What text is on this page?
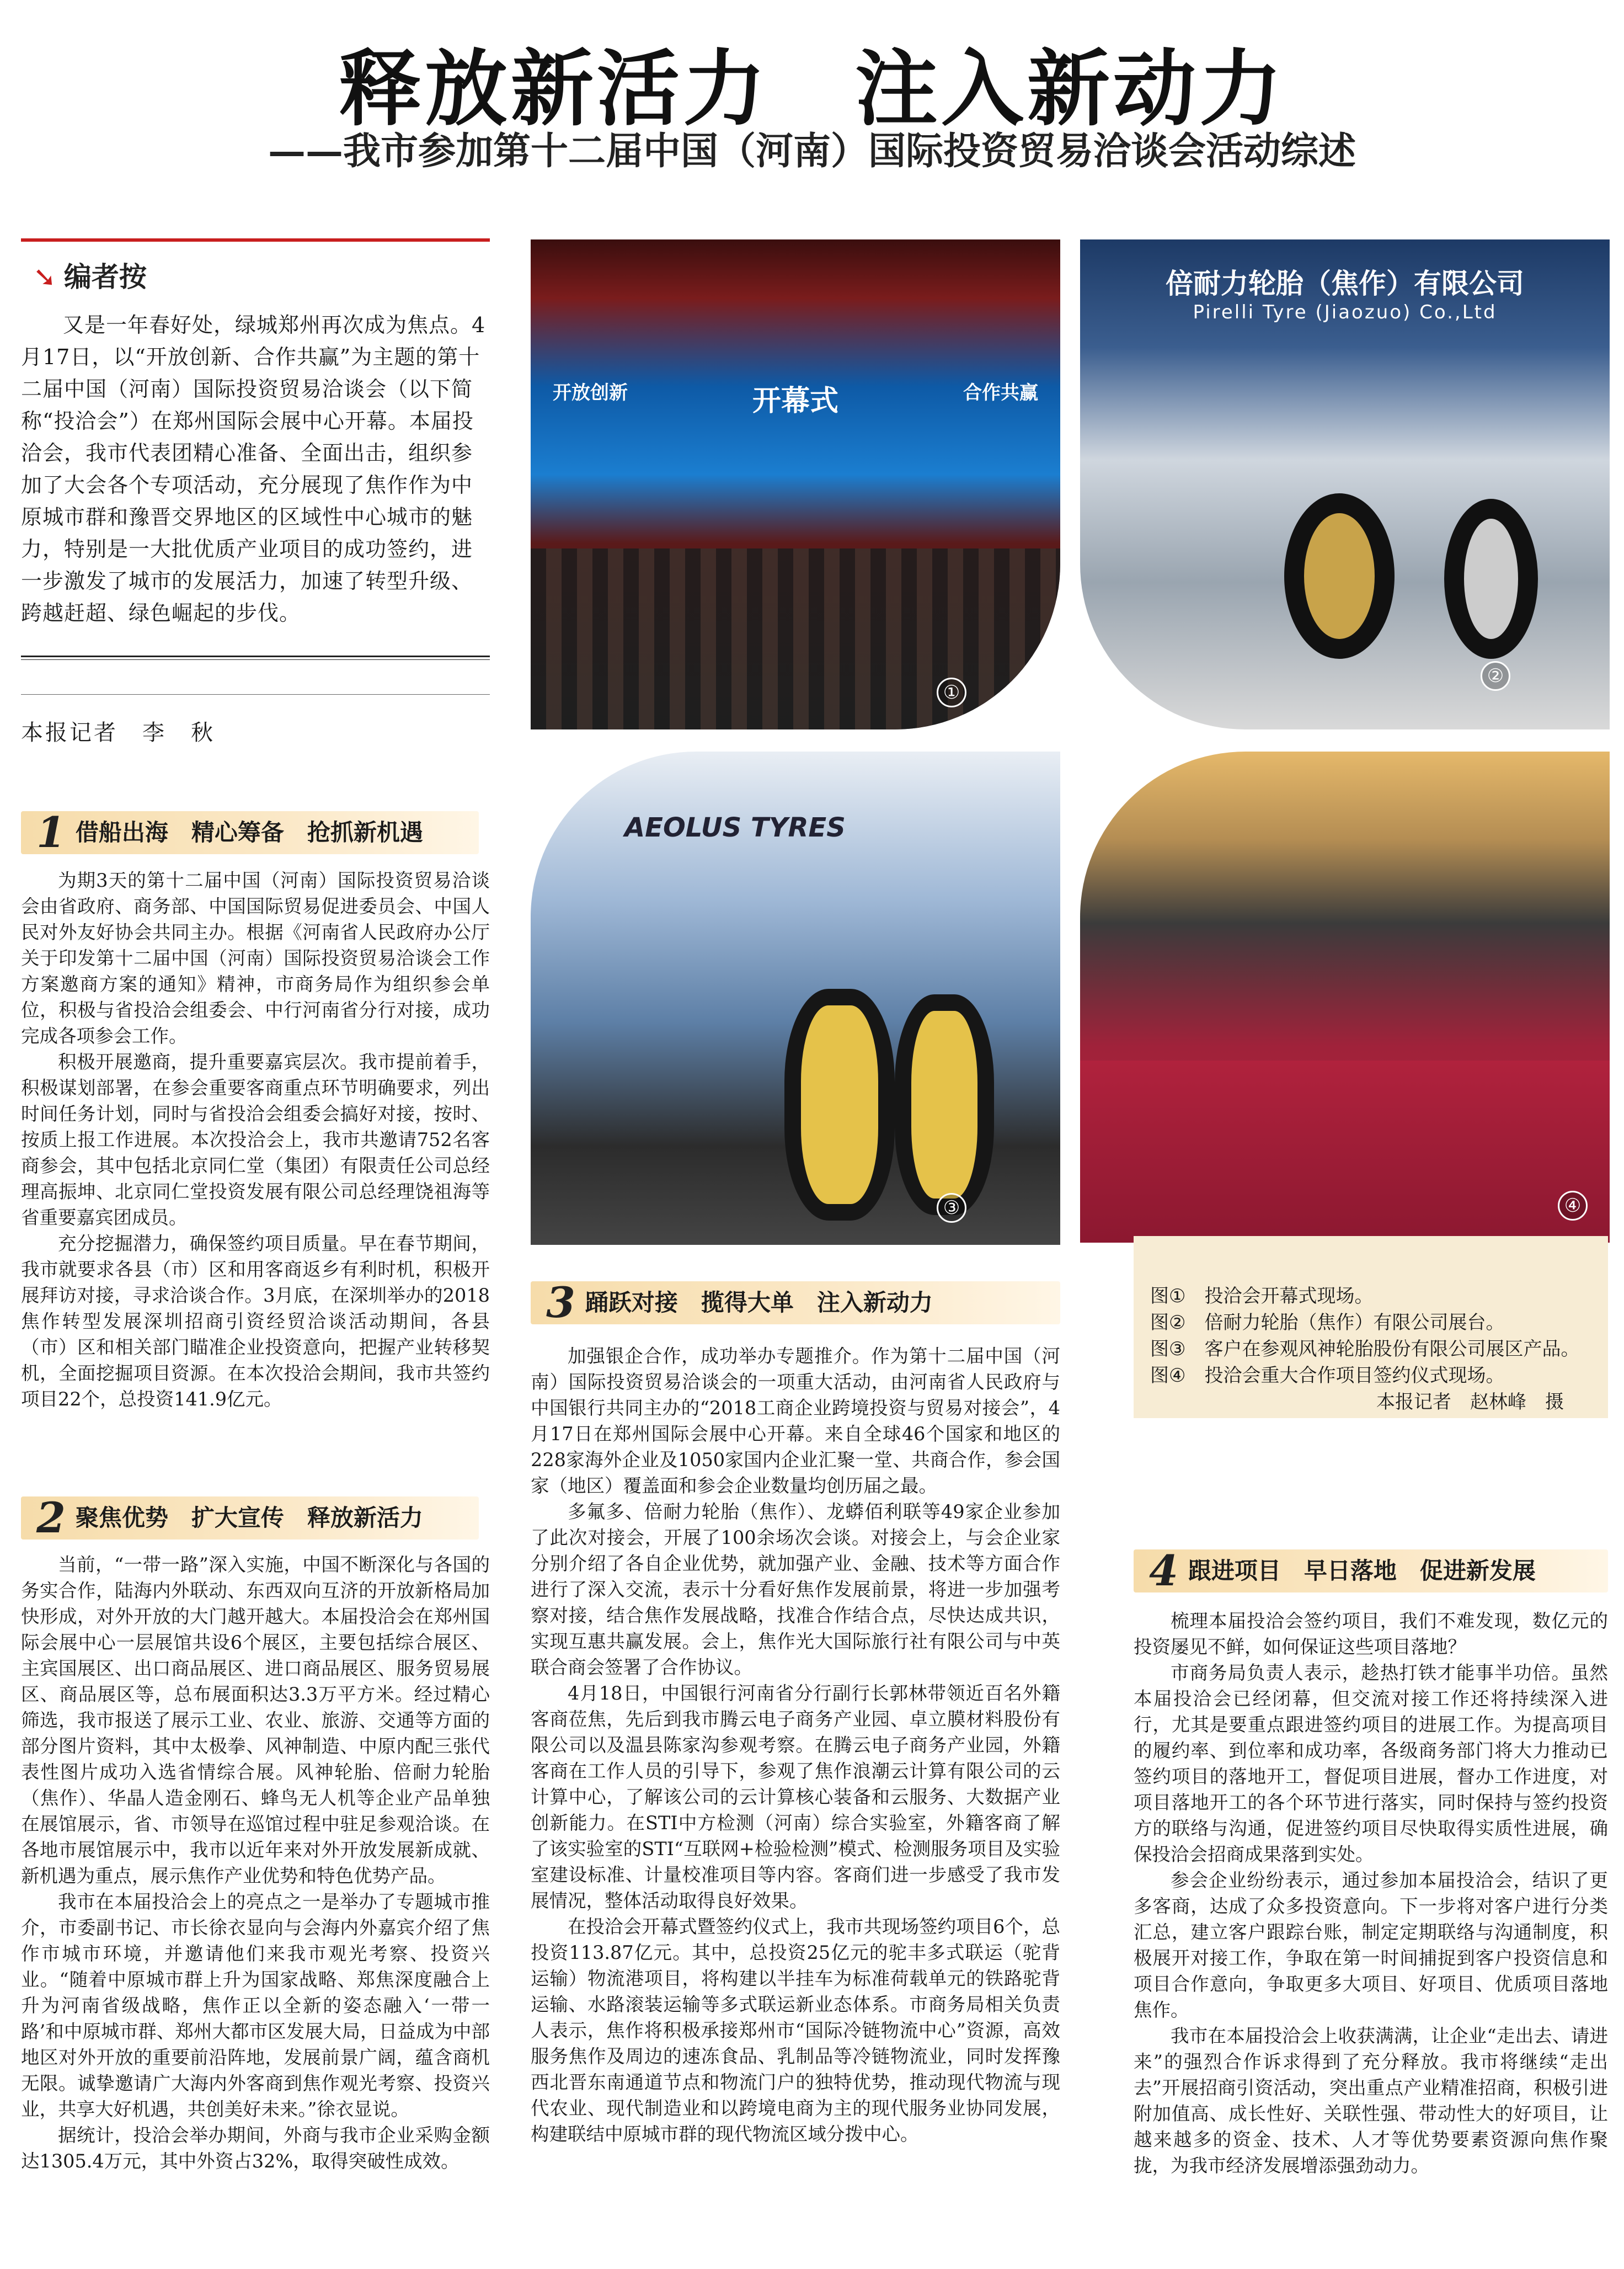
释放新活力　注入新动力
——我市参加第十二届中国（河南）国际投资贸易洽谈会活动综述
➘ 编者按

又是一年春好处，绿城郑州再次成为焦点。4月17日，以“开放创新、合作共赢”为主题的第十二届中国（河南）国际投资贸易洽谈会（以下简称“投洽会”）在郑州国际会展中心开幕。本届投洽会，我市代表团精心准备、全面出击，组织参加了大会各个专项活动，充分展现了焦作作为中原城市群和豫晋交界地区的区域性中心城市的魅力，特别是一大批优质产业项目的成功签约，进一步激发了城市的发展活力，加速了转型升级、跨越赶超、绿色崛起的步伐。

本报记者　李　秋
1 借船出海　精心筹备　抢抓新机遇

为期3天的第十二届中国（河南）国际投资贸易洽谈会由省政府、商务部、中国国际贸易促进委员会、中国人民对外友好协会共同主办。根据《河南省人民政府办公厅关于印发第十二届中国（河南）国际投资贸易洽谈会工作方案邀商方案的通知》精神，市商务局作为组织参会单位，积极与省投洽会组委会、中行河南省分行对接，成功完成各项参会工作。

积极开展邀商，提升重要嘉宾层次。我市提前着手，积极谋划部署，在参会重要客商重点环节明确要求，列出时间任务计划，同时与省投洽会组委会搞好对接，按时、按质上报工作进展。本次投洽会上，我市共邀请752名客商参会，其中包括北京同仁堂（集团）有限责任公司总经理高振坤、北京同仁堂投资发展有限公司总经理饶祖海等省重要嘉宾团成员。

充分挖掘潜力，确保签约项目质量。早在春节期间，我市就要求各县（市）区和用客商返乡有利时机，积极开展拜访对接，寻求洽谈合作。3月底，在深圳举办的2018焦作转型发展深圳招商引资经贸洽谈活动期间，各县（市）区和相关部门瞄准企业投资意向，把握产业转移契机，全面挖掘项目资源。在本次投洽会期间，我市共签约项目22个，总投资141.9亿元。

2 聚焦优势　扩大宣传　释放新活力

当前，“一带一路”深入实施，中国不断深化与各国的务实合作，陆海内外联动、东西双向互济的开放新格局加快形成，对外开放的大门越开越大。本届投洽会在郑州国际会展中心一层展馆共设6个展区，主要包括综合展区、主宾国展区、出口商品展区、进口商品展区、服务贸易展区、商品展区等，总布展面积达3.3万平方米。经过精心筛选，我市报送了展示工业、农业、旅游、交通等方面的部分图片资料，其中太极拳、风神制造、中原内配三张代表性图片成功入选省情综合展。风神轮胎、倍耐力轮胎（焦作）、华晶人造金刚石、蜂鸟无人机等企业产品单独在展馆展示，省、市领导在巡馆过程中驻足参观洽谈。在各地市展馆展示中，我市以近年来对外开放发展新成就、新机遇为重点，展示焦作产业优势和特色优势产品。

我市在本届投洽会上的亮点之一是举办了专题城市推介，市委副书记、市长徐衣显向与会海内外嘉宾介绍了焦作市城市环境，并邀请他们来我市观光考察、投资兴业。“随着中原城市群上升为国家战略、郑焦深度融合上升为河南省级战略，焦作正以全新的姿态融入‘一带一路’和中原城市群、郑州大都市区发展大局，日益成为中部地区对外开放的重要前沿阵地，发展前景广阔，蕴含商机无限。诚挚邀请广大海内外客商到焦作观光考察、投资兴业，共享大好机遇，共创美好未来。”徐衣显说。

据统计，投洽会举办期间，外商与我市企业采购金额达1305.4万元，其中外资占32%，取得突破性成效。

开放创新	开幕式	合作共赢
①
倍耐力轮胎（焦作）有限公司
Pirelli Tyre (Jiaozuo) Co.,Ltd
②
AEOLUS TYRES
③	④

图①　 投洽会开幕式现场。

图②　 倍耐力轮胎（焦作）有限公司展台。

图③　 客户在参观风神轮胎股份有限公司展区产品。

图④　 投洽会重大合作项目签约仪式现场。

本报记者　赵林峰　摄

3 踊跃对接　揽得大单　注入新动力

加强银企合作，成功举办专题推介。作为第十二届中国（河南）国际投资贸易洽谈会的一项重大活动，由河南省人民政府与中国银行共同主办的“2018工商企业跨境投资与贸易对接会”，4月17日在郑州国际会展中心开幕。来自全球46个国家和地区的228家海外企业及1050家国内企业汇聚一堂、共商合作，参会国家（地区）覆盖面和参会企业数量均创历届之最。

多氟多、倍耐力轮胎（焦作）、龙蟒佰利联等49家企业参加了此次对接会，开展了100余场次会谈。对接会上，与会企业家分别介绍了各自企业优势，就加强产业、金融、技术等方面合作进行了深入交流，表示十分看好焦作发展前景，将进一步加强考察对接，结合焦作发展战略，找准合作结合点，尽快达成共识，实现互惠共赢发展。会上，焦作光大国际旅行社有限公司与中英联合商会签署了合作协议。

4月18日，中国银行河南省分行副行长郭林带领近百名外籍客商莅焦，先后到我市腾云电子商务产业园、卓立膜材料股份有限公司以及温县陈家沟参观考察。在腾云电子商务产业园，外籍客商在工作人员的引导下，参观了焦作浪潮云计算有限公司的云计算中心，了解该公司的云计算核心装备和云服务、大数据产业创新能力。在STI中方检测（河南）综合实验室，外籍客商了解了该实验室的STI“互联网+检验检测”模式、检测服务项目及实验室建设标准、计量校准项目等内容。客商们进一步感受了我市发展情况，整体活动取得良好效果。

在投洽会开幕式暨签约仪式上，我市共现场签约项目6个，总投资113.87亿元。其中，总投资25亿元的驼丰多式联运（驼背运输）物流港项目，将构建以半挂车为标准荷载单元的铁路驼背运输、水路滚装运输等多式联运新业态体系。市商务局相关负责人表示，焦作将积极承接郑州市“国际冷链物流中心”资源，高效服务焦作及周边的速冻食品、乳制品等冷链物流业，同时发挥豫西北晋东南通道节点和物流门户的独特优势，推动现代物流与现代农业、现代制造业和以跨境电商为主的现代服务业协同发展，构建联结中原城市群的现代物流区域分拨中心。

4 跟进项目　早日落地　促进新发展

梳理本届投洽会签约项目，我们不难发现，数亿元的投资屡见不鲜，如何保证这些项目落地？

市商务局负责人表示，趁热打铁才能事半功倍。虽然本届投洽会已经闭幕，但交流对接工作还将持续深入进行，尤其是要重点跟进签约项目的进展工作。为提高项目的履约率、到位率和成功率，各级商务部门将大力推动已签约项目的落地开工，督促项目进展，督办工作进度，对项目落地开工的各个环节进行落实，同时保持与签约投资方的联络与沟通，促进签约项目尽快取得实质性进展，确保投洽会招商成果落到实处。

参会企业纷纷表示，通过参加本届投洽会，结识了更多客商，达成了众多投资意向。下一步将对客户进行分类汇总，建立客户跟踪台账，制定定期联络与沟通制度，积极展开对接工作，争取在第一时间捕捉到客户投资信息和项目合作意向，争取更多大项目、好项目、优质项目落地焦作。

我市在本届投洽会上收获满满，让企业“走出去、请进来”的强烈合作诉求得到了充分释放。我市将继续“走出去”开展招商引资活动，突出重点产业精准招商，积极引进附加值高、成长性好、关联性强、带动性大的好项目，让越来越多的资金、技术、人才等优势要素资源向焦作聚拢，为我市经济发展增添强劲动力。
